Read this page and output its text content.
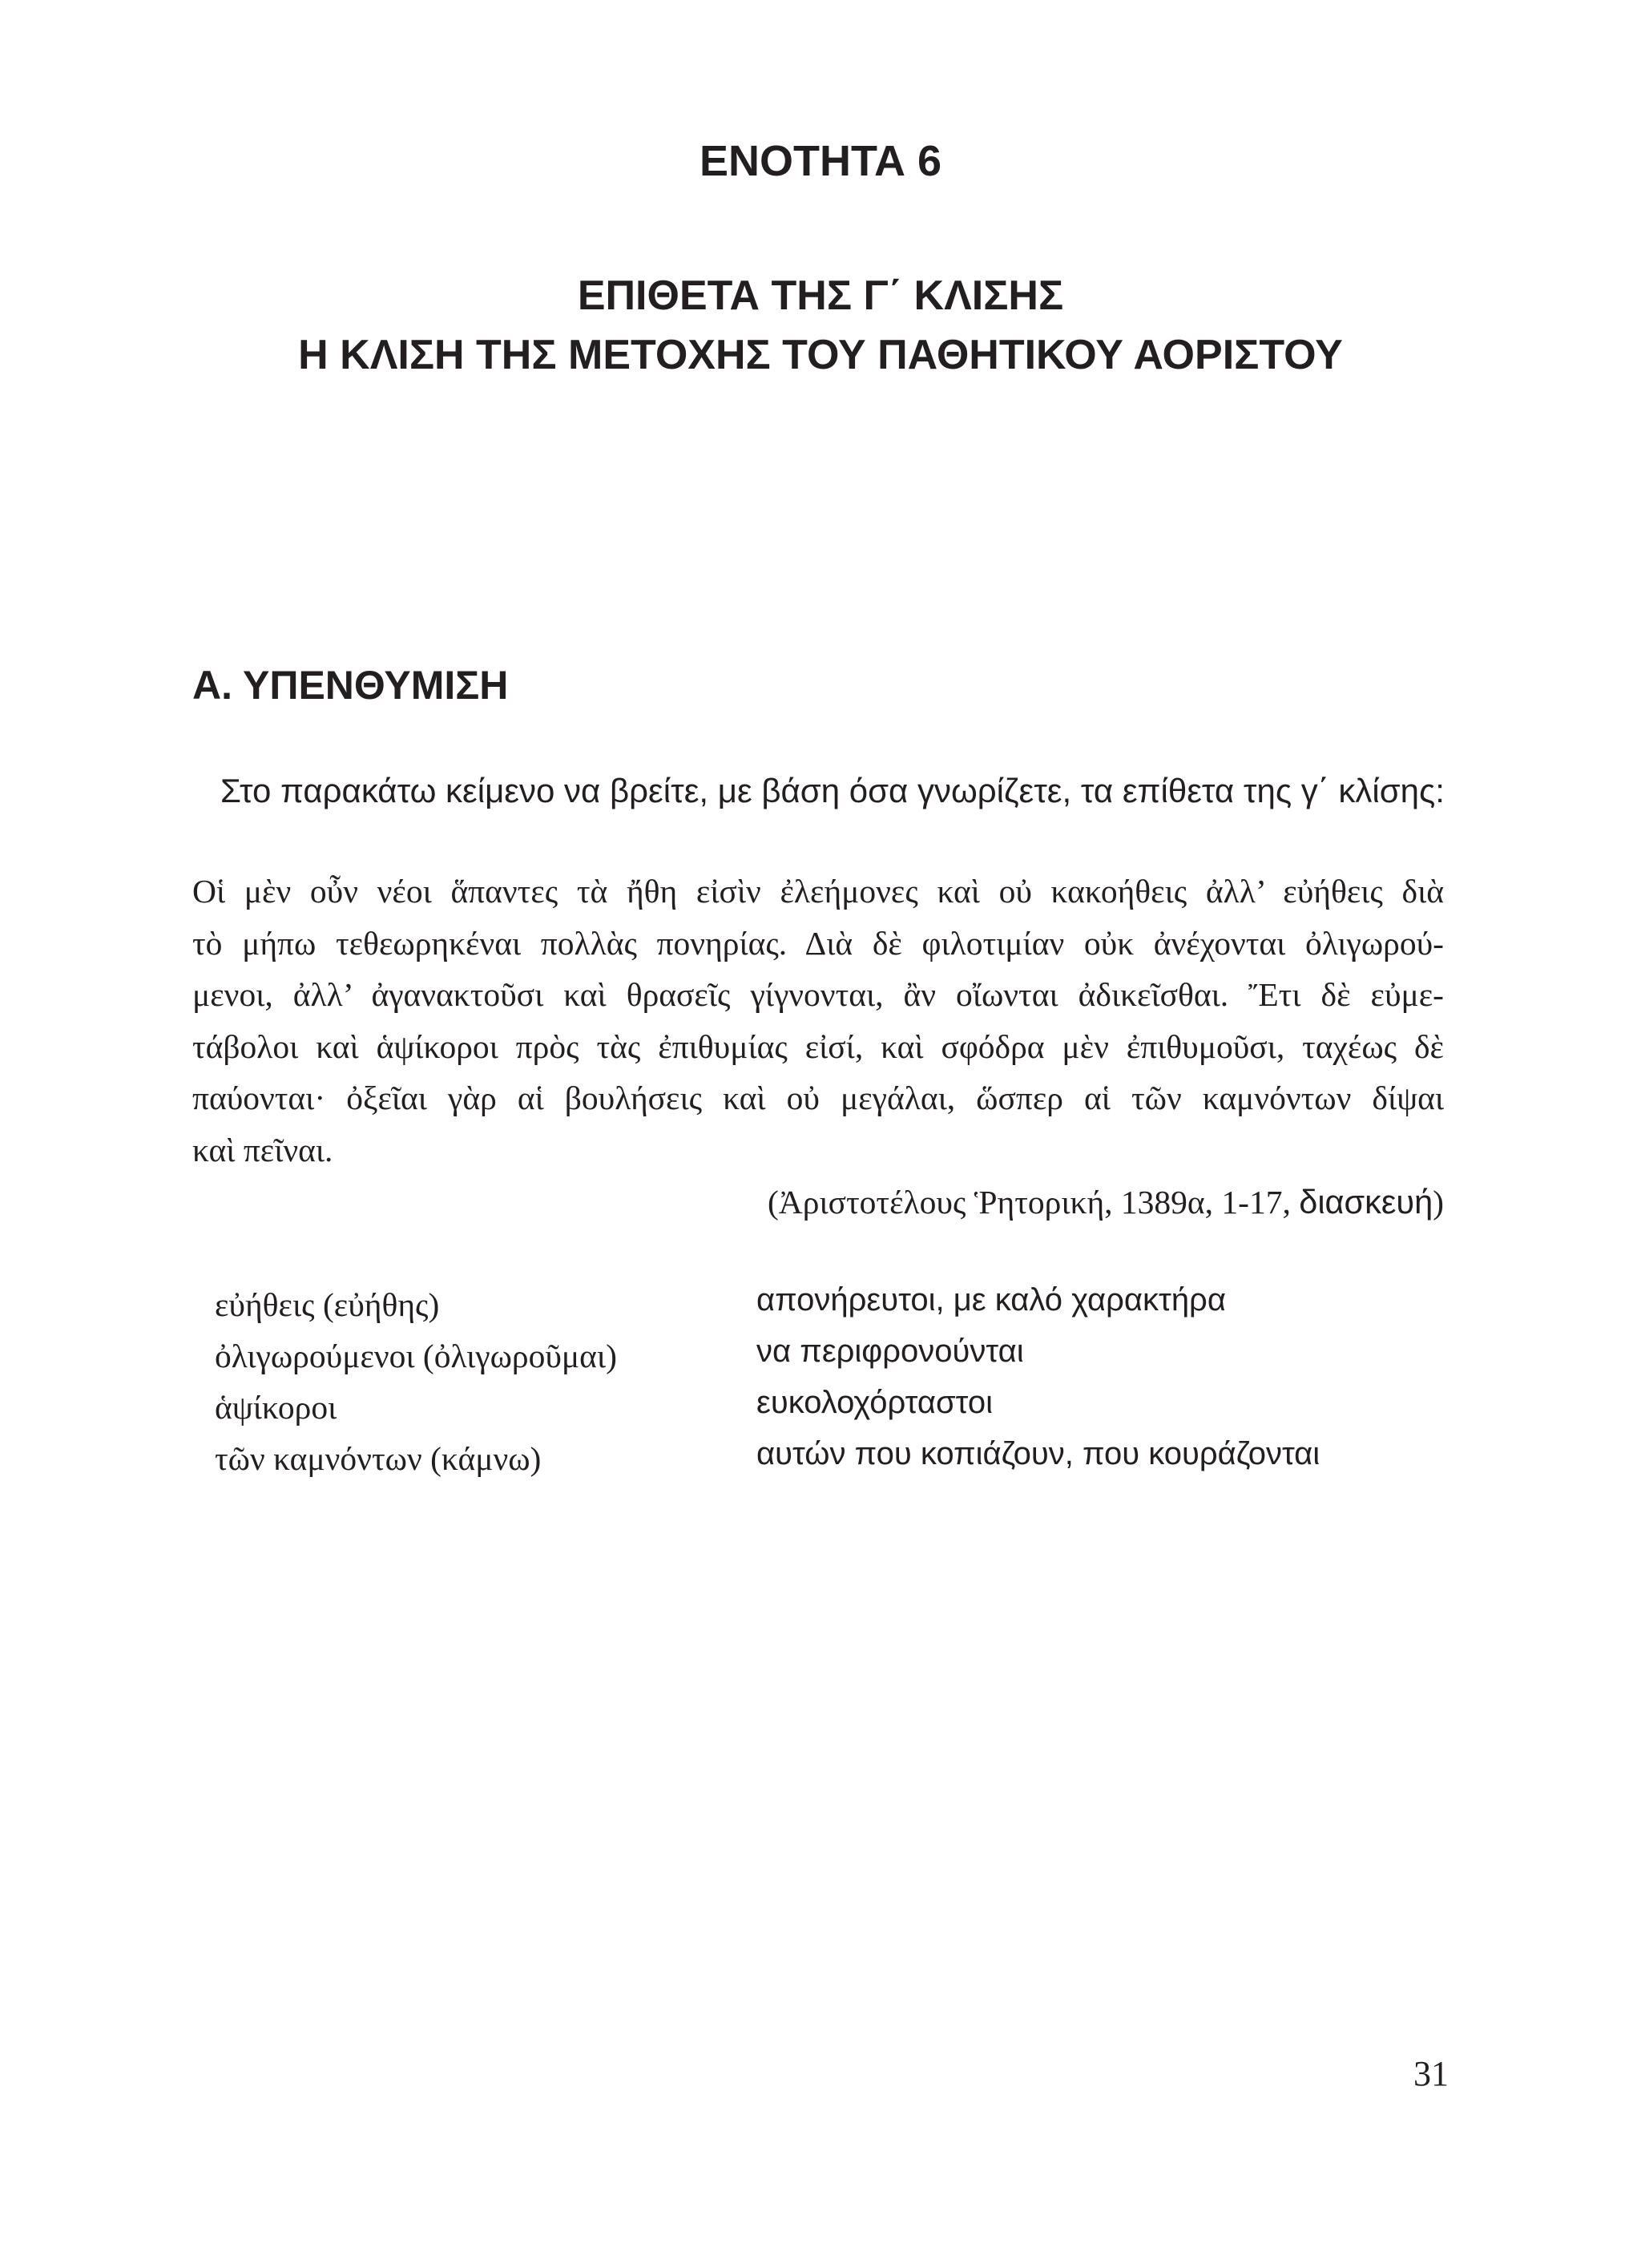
ΕΝΟΤΗΤΑ 6
ΕΠΙΘΕΤΑ ΤΗΣ Γ΄ ΚΛΙΣΗΣ
Η ΚΛΙΣΗ ΤΗΣ ΜΕΤΟΧΗΣ ΤΟΥ ΠΑΘΗΤΙΚΟΥ ΑΟΡΙΣΤΟΥ
Α. ΥΠΕΝΘΥΜΙΣΗ
Στο παρακάτω κείμενο να βρείτε, με βάση όσα γνωρίζετε, τα επίθετα της γ΄ κλίσης:
Οἱ μὲν οὖν νέοι ἅπαντες τὰ ἤθη εἰσὶν ἐλεήμονες καὶ οὐ κακοήθεις ἀλλ’ εὐήθεις διὰ
τὸ μήπω τεθεωρηκέναι πολλὰς πονηρίας. Διὰ δὲ φιλοτιμίαν οὐκ ἀνέχονται ὀλιγωρού-
μενοι, ἀλλ’ ἀγανακτοῦσι καὶ θρασεῖς γίγνονται, ἂν οἴωνται ἀδικεῖσθαι. Ἔτι δὲ εὐμε-
τάβολοι καὶ ἁψίκοροι πρὸς τὰς ἐπιθυμίας εἰσί, καὶ σφόδρα μὲν ἐπιθυμοῦσι, ταχέως δὲ
παύονται· ὀξεῖαι γὰρ αἱ βουλήσεις καὶ οὐ μεγάλαι, ὥσπερ αἱ τῶν καμνόντων δίψαι
καὶ πεῖναι.
(Ἀριστοτέλους Ῥητορική, 1389α, 1-17, διασκευή)
εὐήθεις (εὐήθης)	απονήρευτοι, με καλό χαρακτήρα
ὀλιγωρούμενοι (ὀλιγωροῦμαι)	να περιφρονούνται
ἁψίκοροι	ευκολοχόρταστοι
τῶν καμνόντων (κάμνω)	αυτών που κοπιάζουν, που κουράζονται
31
